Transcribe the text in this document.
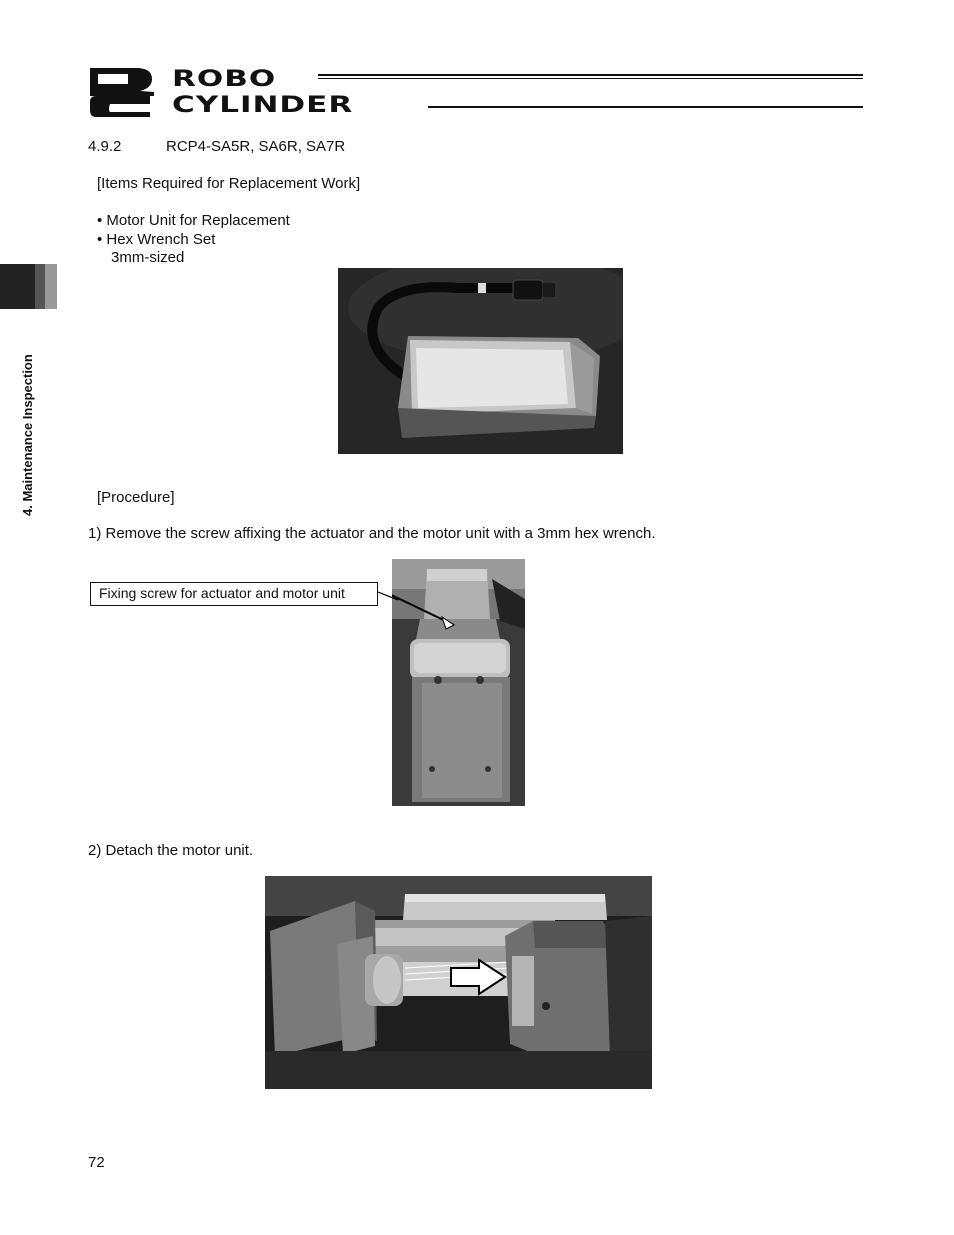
ROBO
CYLINDER
4. Maintenance Inspection
4.9.2	RCP4-SA5R, SA6R, SA7R
[Items Required for Replacement Work]
• Motor Unit for Replacement
• Hex Wrench Set
3mm-sized
[Procedure]
1) Remove the screw affixing the actuator and the motor unit with a 3mm hex wrench.
Fixing screw for actuator and motor unit
2) Detach the motor unit.
72
